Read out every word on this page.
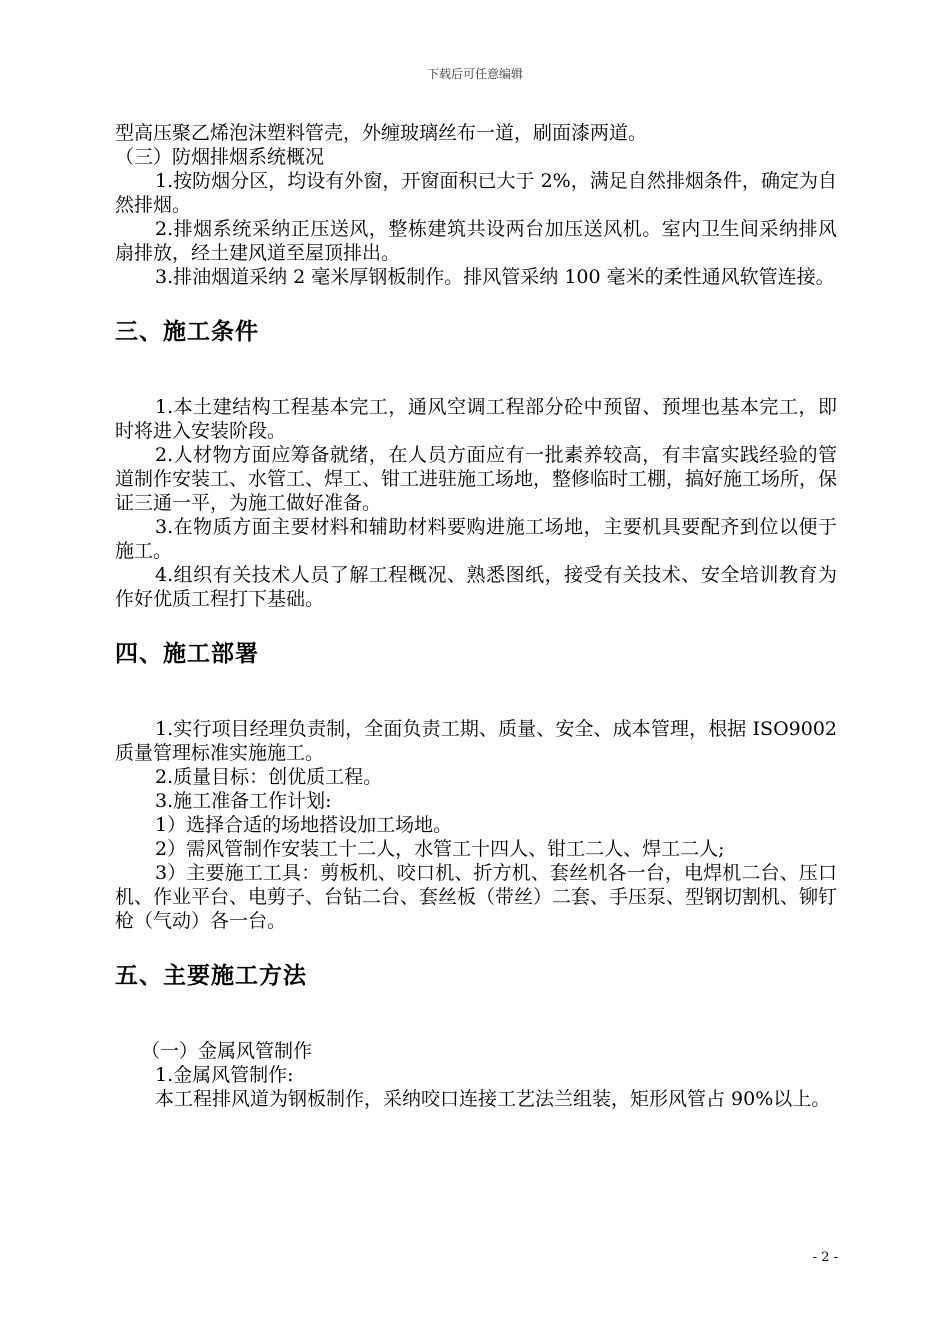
下载后可任意编辑

型高压聚乙烯泡沫塑料管壳，外缠玻璃丝布一道，刷面漆两道。

（三）防烟排烟系统概况

1.按防烟分区，均设有外窗，开窗面积已大于 2%，满足自然排烟条件，确定为自然排烟。

2.排烟系统采纳正压送风，整栋建筑共设两台加压送风机。室内卫生间采纳排风扇排放，经土建风道至屋顶排出。

3.排油烟道采纳 2 毫米厚钢板制作。排风管采纳 100 毫米的柔性通风软管连接。

三、施工条件

1.本土建结构工程基本完工，通风空调工程部分砼中预留、预埋也基本完工，即时将进入安装阶段。

2.人材物方面应筹备就绪，在人员方面应有一批素养较高，有丰富实践经验的管道制作安装工、水管工、焊工、钳工进驻施工场地，整修临时工棚，搞好施工场所，保证三通一平，为施工做好准备。

3.在物质方面主要材料和辅助材料要购进施工场地，主要机具要配齐到位以便于施工。

4.组织有关技术人员了解工程概况、熟悉图纸，接受有关技术、安全培训教育为作好优质工程打下基础。

四、施工部署

1.实行项目经理负责制，全面负责工期、质量、安全、成本管理，根据 ISO9002 质量管理标准实施施工。

2.质量目标：创优质工程。

3.施工准备工作计划:

1）选择合适的场地搭设加工场地。

2）需风管制作安装工十二人，水管工十四人、钳工二人、焊工二人;

3）主要施工工具：剪板机、咬口机、折方机、套丝机各一台，电焊机二台、压口机、作业平台、电剪子、台钻二台、套丝板（带丝）二套、手压泵、型钢切割机、铆钉枪（气动）各一台。

五、主要施工方法

（一）金属风管制作

1.金属风管制作:

本工程排风道为钢板制作，采纳咬口连接工艺法兰组装，矩形风管占 90%以上。

- 2 -
